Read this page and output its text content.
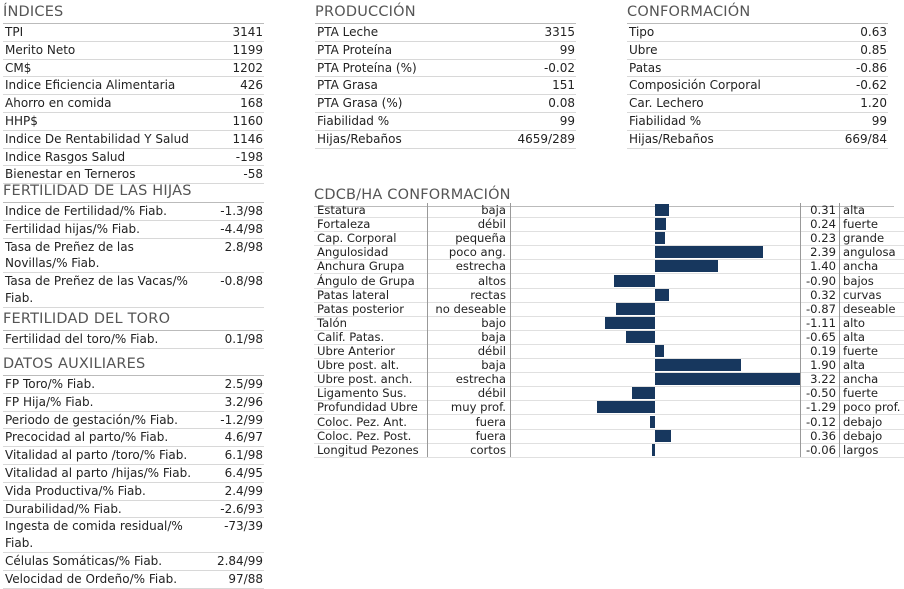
ÍNDICES
TPI	3141
Merito Neto	1199
CM$	1202
Indice Eficiencia Alimentaria	426
Ahorro en comida	168
HHP$	1160
Indice De Rentabilidad Y Salud	1146
Indice Rasgos Salud	-198
Bienestar en Terneros	-58
PRODUCCIÓN
PTA Leche	3315
PTA Proteína	99
PTA Proteína (%)	-0.02
PTA Grasa	151
PTA Grasa (%)	0.08
Fiabilidad %	99
Hijas/Rebaños	4659/289
CONFORMACIÓN
Tipo	0.63
Ubre	0.85
Patas	-0.86
Composición Corporal	-0.62
Car. Lechero	1.20
Fiabilidad %	99
Hijas/Rebaños	669/84
FERTILIDAD DE LAS HIJAS
Indice de Fertilidad/% Fiab.	-1.3/98
Fertilidad hijas/% Fiab.	-4.4/98
Tasa de Preñez de las Novillas/% Fiab.
2.8/98
Tasa de Preñez de las Vacas/% Fiab.
-0.8/98
FERTILIDAD DEL TORO
Fertilidad del toro/% Fiab.	0.1/98
DATOS AUXILIARES
FP Toro/% Fiab.	2.5/99
FP Hija/% Fiab.	3.2/96
Periodo de gestación/% Fiab.	-1.2/99
Precocidad al parto/% Fiab.	4.6/97
Vitalidad al parto /toro/% Fiab.	6.1/98
Vitalidad al parto /hijas/% Fiab.	6.4/95
Vida Productiva/% Fiab.	2.4/99
Durabilidad/% Fiab.	-2.6/93
Ingesta de comida residual/% Fiab.
-73/39
Células Somáticas/% Fiab.	2.84/99
Velocidad de Ordeño/% Fiab.	97/88
CDCB/HA CONFORMACIÓN
Estatura	baja	0.31 alta
Fortaleza	débil	0.24 fuerte
Cap. Corporal	pequeña	0.23 grande
Angulosidad	poco ang.	2.39 angulosa
Anchura Grupa	estrecha	1.40 ancha
Ángulo de Grupa	altos	-0.90 bajos
Patas lateral	rectas	0.32 curvas
Patas posterior	no deseable	-0.87 deseable
Talón	bajo	-1.11 alto
Calif. Patas.	baja	-0.65 alta
Ubre Anterior	débil	0.19 fuerte
Ubre post. alt.	baja	1.90 alta
Ubre post. anch.	estrecha	3.22 ancha
Ligamento Sus.	débil	-0.50 fuerte
Profundidad Ubre	muy prof.	-1.29 poco prof.
Coloc. Pez. Ant.	fuera	-0.12 debajo
Coloc. Pez. Post.	fuera	0.36 debajo
Longitud Pezones	cortos	-0.06 largos
